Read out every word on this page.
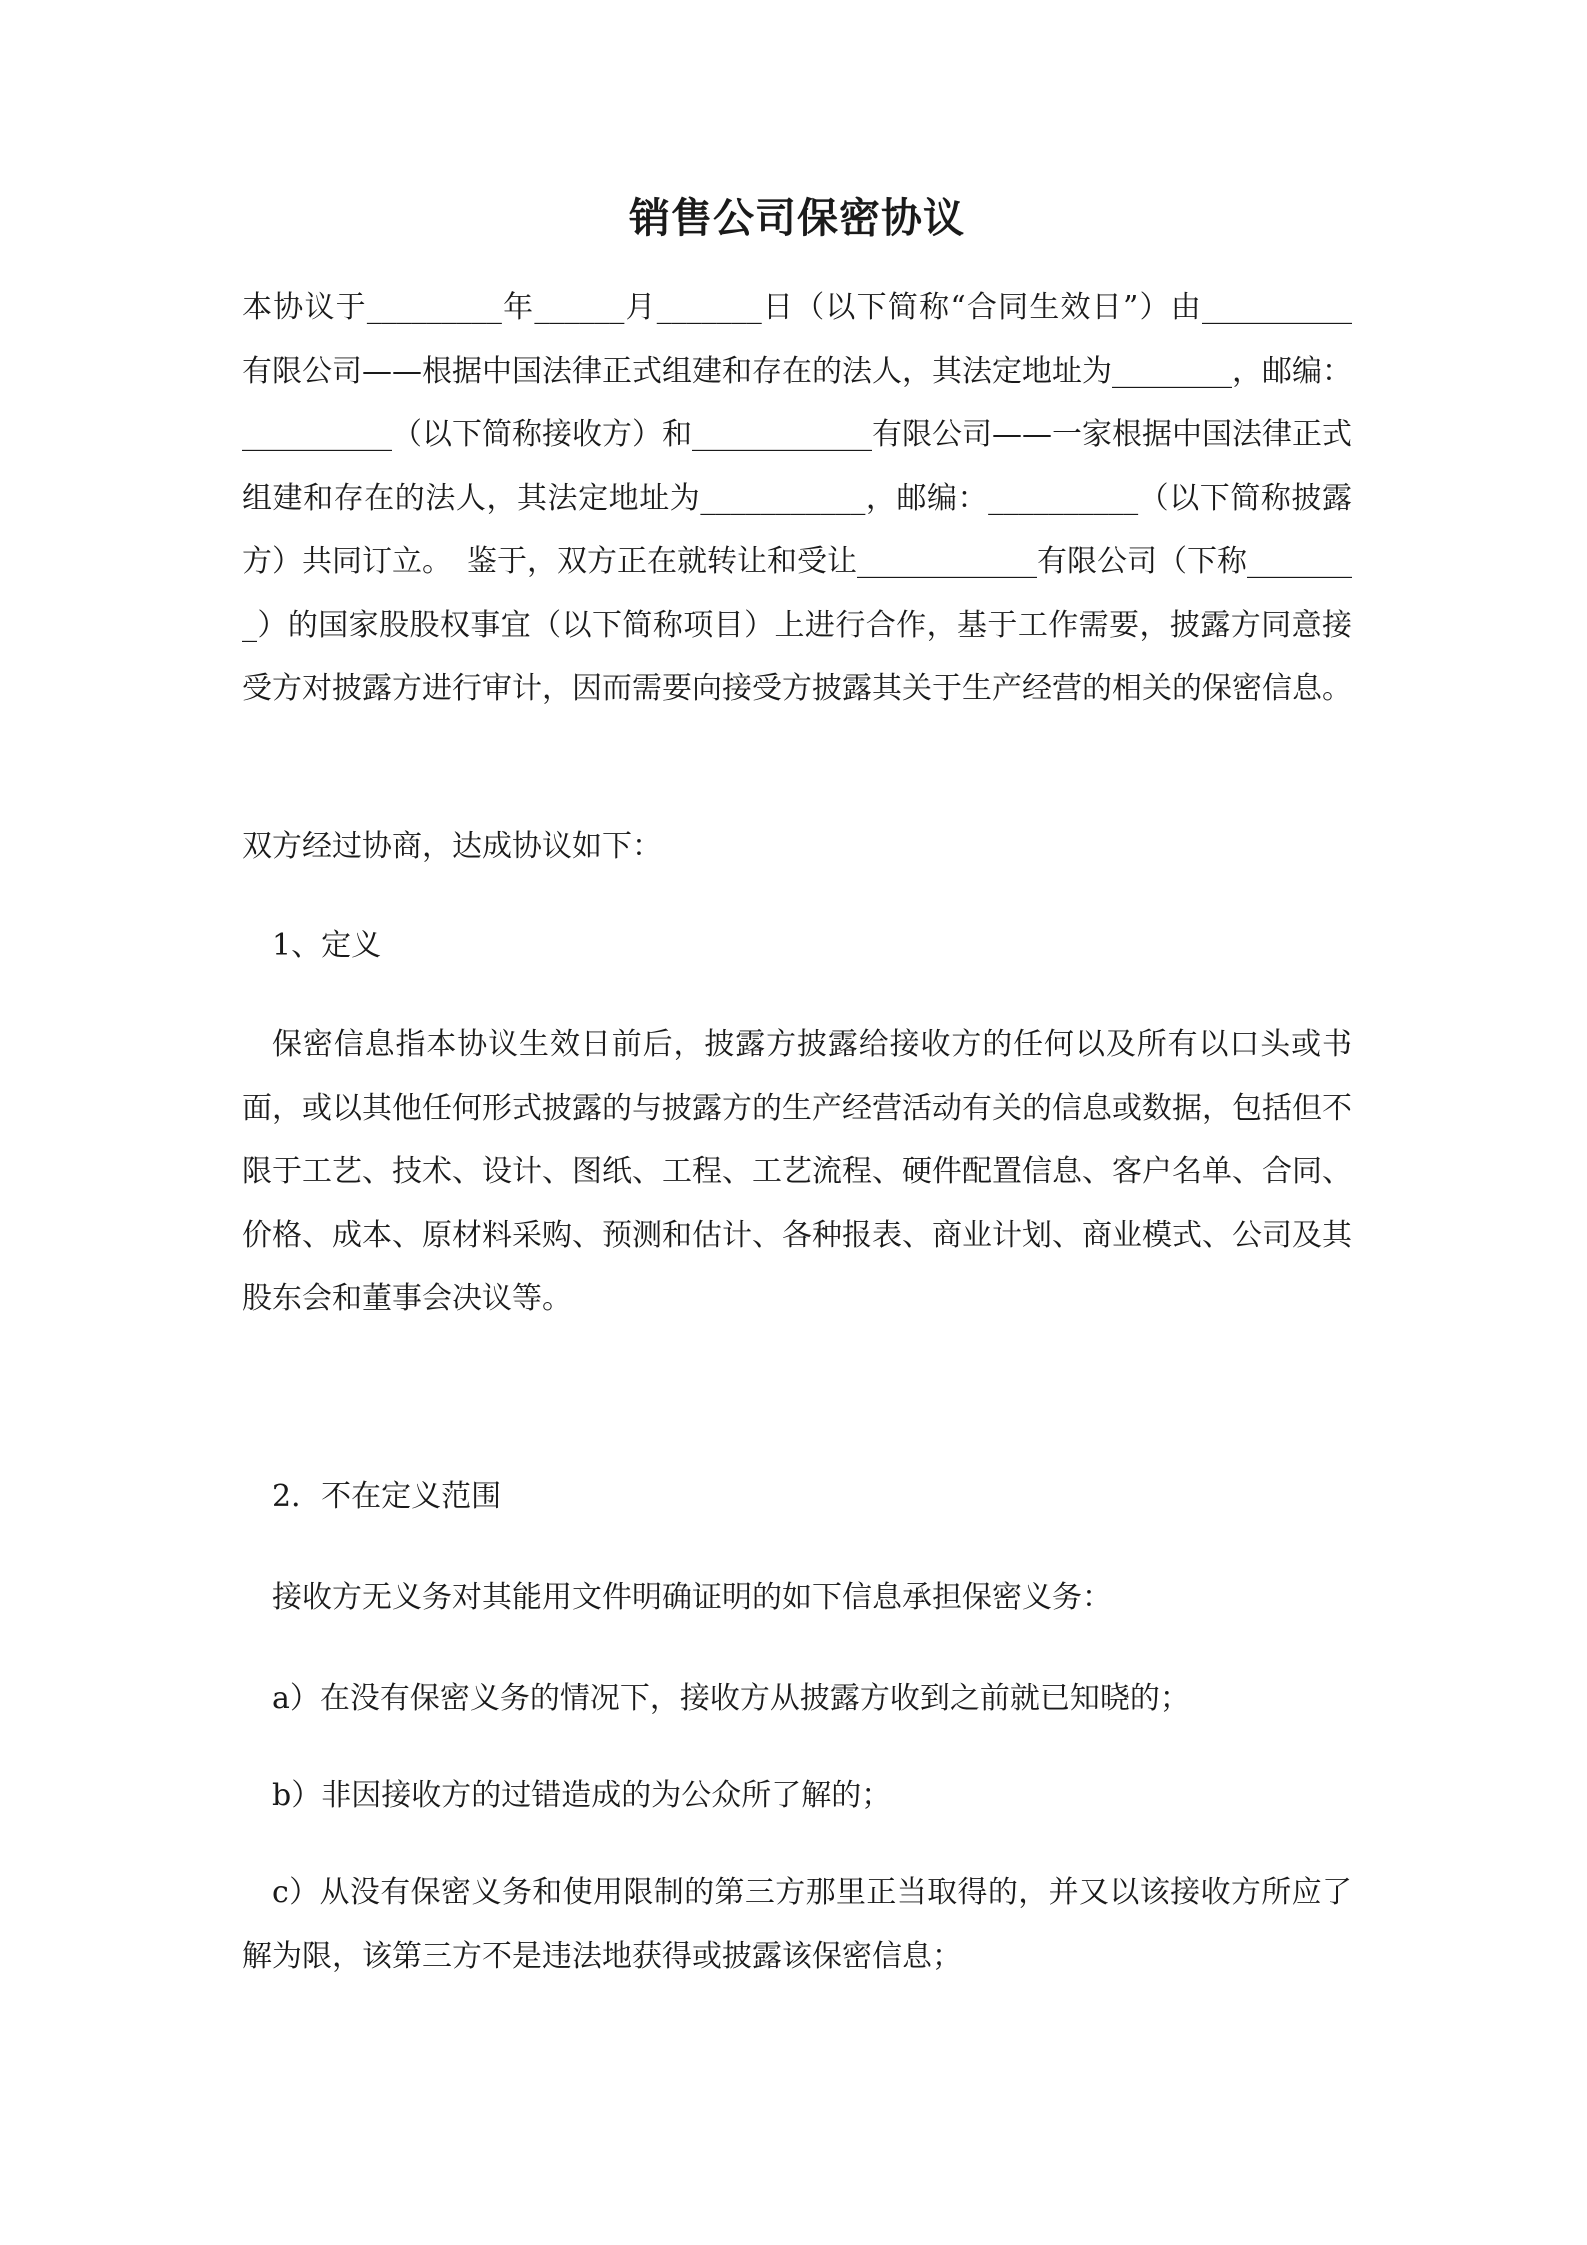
销售公司保密协议

本协议于_________年______月_______日（以下简称“合同生效日”）由__________有限公司——根据中国法律正式组建和存在的法人，其法定地址为________，邮编：__________（以下简称接收方）和____________有限公司——一家根据中国法律正式组建和存在的法人，其法定地址为___________，邮编：__________（以下简称披露方）共同订立。　鉴于，双方正在就转让和受让____________有限公司（下称________）的国家股股权事宜（以下简称项目）上进行合作，基于工作需要，披露方同意接受方对披露方进行审计，因而需要向接受方披露其关于生产经营的相关的保密信息。

双方经过协商，达成协议如下：

1、定义

保密信息指本协议生效日前后，披露方披露给接收方的任何以及所有以口头或书面，或以其他任何形式披露的与披露方的生产经营活动有关的信息或数据，包括但不限于工艺、技术、设计、图纸、工程、工艺流程、硬件配置信息、客户名单、合同、价格、成本、原材料采购、预测和估计、各种报表、商业计划、商业模式、公司及其股东会和董事会决议等。

2．不在定义范围

接收方无义务对其能用文件明确证明的如下信息承担保密义务：

a）在没有保密义务的情况下，接收方从披露方收到之前就已知晓的；

b）非因接收方的过错造成的为公众所了解的；

c）从没有保密义务和使用限制的第三方那里正当取得的，并又以该接收方所应了解为限，该第三方不是违法地获得或披露该保密信息；
